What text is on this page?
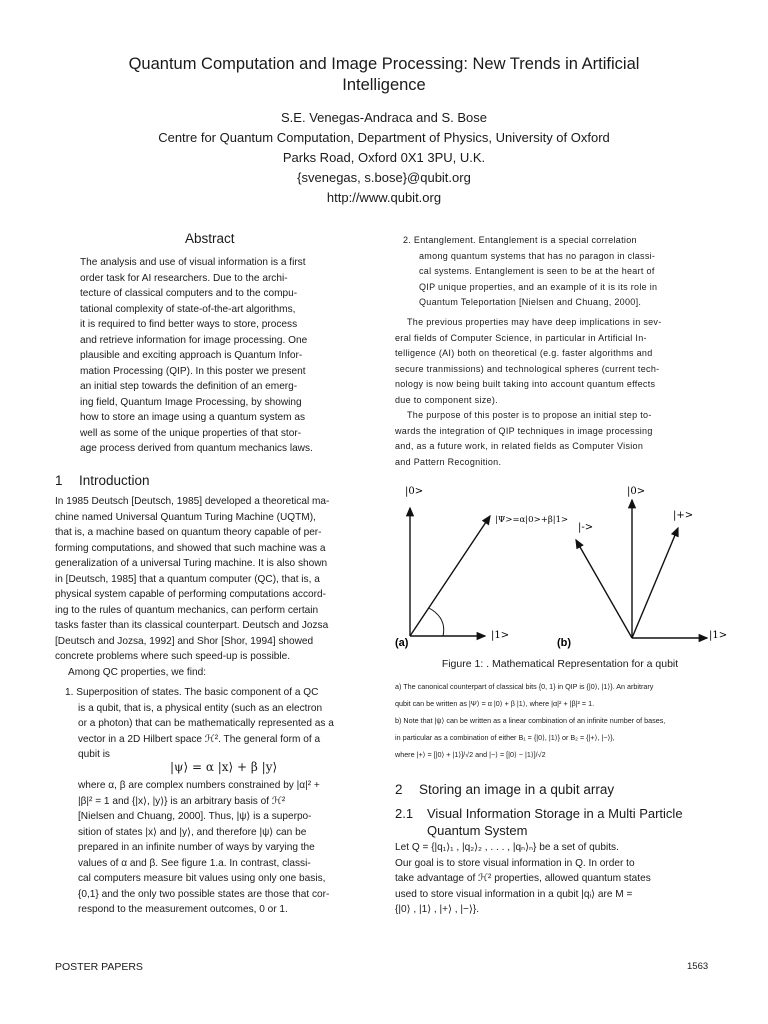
Quantum Computation and Image Processing: New Trends in Artificial
Intelligence
S.E. Venegas-Andraca and S. Bose
Centre for Quantum Computation, Department of Physics, University of Oxford
Parks Road, Oxford 0X1 3PU, U.K.
{svenegas, s.bose}@qubit.org
http://www.qubit.org
Abstract
The analysis and use of visual information is a first
order task for AI researchers. Due to the archi-
tecture of classical computers and to the compu-
tational complexity of state-of-the-art algorithms,
it is required to find better ways to store, process
and retrieve information for image processing. One
plausible and exciting approach is Quantum Infor-
mation Processing (QIP). In this poster we present
an initial step towards the definition of an emerg-
ing field, Quantum Image Processing, by showing
how to store an image using a quantum system as
well as some of the unique properties of that stor-
age process derived from quantum mechanics laws.
1 Introduction
In 1985 Deutsch [Deutsch, 1985] developed a theoretical ma-
chine named Universal Quantum Turing Machine (UQTM),
that is, a machine based on quantum theory capable of per-
forming computations, and showed that such machine was a
generalization of a universal Turing machine. It is also shown
in [Deutsch, 1985] that a quantum computer (QC), that is, a
physical system capable of performing computations accord-
ing to the rules of quantum mechanics, can perform certain
tasks faster than its classical counterpart. Deutsch and Jozsa
[Deutsch and Jozsa, 1992] and Shor [Shor, 1994] showed
concrete problems where such speed-up is possible.
Among QC properties, we find:
1. Superposition of states. The basic component of a QC
is a qubit, that is, a physical entity (such as an electron
or a photon) that can be mathematically represented as a
vector in a 2D Hilbert space ℋ². The general form of a
qubit is
|ψ⟩ = α |x⟩ + β |y⟩
where α, β are complex numbers constrained by |α|² +
|β|² = 1 and {|x⟩, |y⟩} is an arbitrary basis of ℋ²
[Nielsen and Chuang, 2000]. Thus, |ψ⟩ is a superpo-
sition of states |x⟩ and |y⟩, and therefore |ψ⟩ can be
prepared in an infinite number of ways by varying the
values of α and β. See figure 1.a. In contrast, classi-
cal computers measure bit values using only one basis,
{0,1} and the only two possible states are those that cor-
respond to the measurement outcomes, 0 or 1.
2. Entanglement. Entanglement is a special correlation
among quantum systems that has no paragon in classi-
cal systems. Entanglement is seen to be at the heart of
QIP unique properties, and an example of it is its role in
Quantum Teleportation [Nielsen and Chuang, 2000].
The previous properties may have deep implications in sev-
eral fields of Computer Science, in particular in Artificial In-
telligence (AI) both on theoretical (e.g. faster algorithms and
secure tranmissions) and technological spheres (current tech-
nology is now being built taking into account quantum effects
due to component size).
The purpose of this poster is to propose an initial step to-
wards the integration of QIP techniques in image processing
and, as a future work, in related fields as Computer Vision
and Pattern Recognition.
|0>
|Ψ>=α|0>+β|1>
|1>
(a)
|0>
|->
|+>
|1>
(b)
Figure 1: . Mathematical Representation for a qubit
a) The canonical counterpart of classical bits {0, 1} in QIP is {|0⟩, |1⟩}. An arbitrary
qubit can be written as |Ψ⟩ = α |0⟩ + β |1⟩, where |α|² + |β|² = 1.
b) Note that |ψ⟩ can be written as a linear combination of an infinite number of bases,
in particular as a combination of either B₁ = {|0⟩, |1⟩} or B₂ = {|+⟩, |−⟩},
where |+⟩ = [|0⟩ + |1⟩]/√2 and |−⟩ = [|0⟩ − |1⟩]/√2
2 Storing an image in a qubit array
2.1 Visual Information Storage in a Multi Particle
Quantum System
Let Q = {|q₁⟩₁ , |q₂⟩₂ , . . . , |qₙ⟩ₙ} be a set of qubits.
Our goal is to store visual information in Q. In order to
take advantage of ℋ² properties, allowed quantum states
used to store visual information in a qubit |qᵢ⟩ are M =
{|0⟩ , |1⟩ , |+⟩ , |−⟩}.
POSTER PAPERS	1563
